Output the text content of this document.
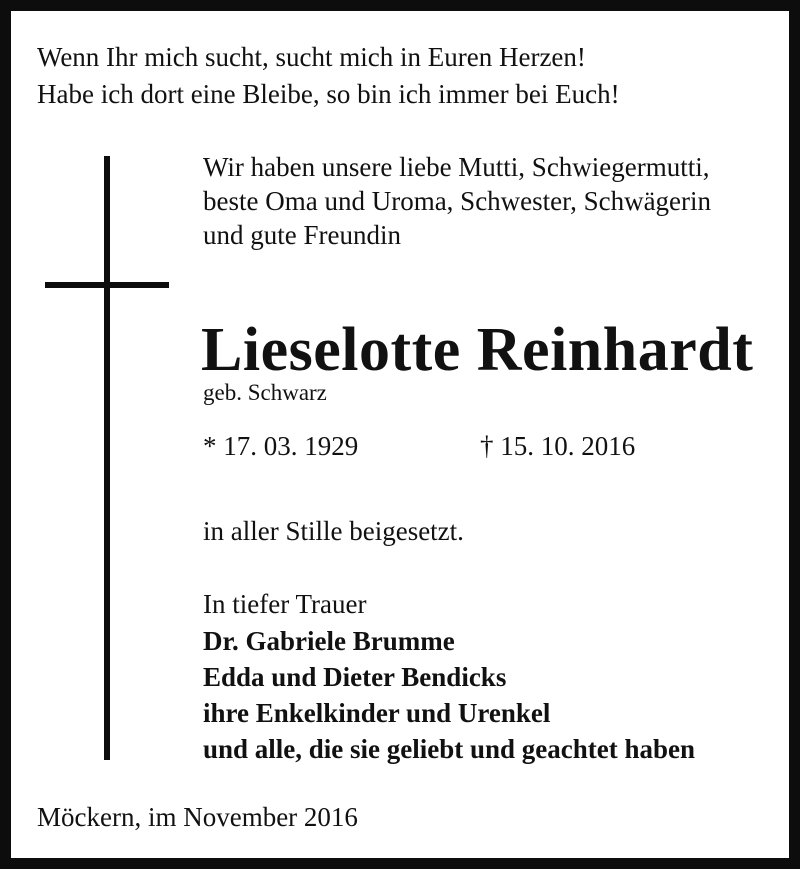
Wenn Ihr mich sucht, sucht mich in Euren Herzen!

Habe ich dort eine Bleibe, so bin ich immer bei Euch!

Wir haben unsere liebe Mutti, Schwiegermutti,

beste Oma und Uroma, Schwester, Schwägerin

und gute Freundin

Lieselotte Reinhardt

geb. Schwarz

* 17. 03. 1929	† 15. 10. 2016

in aller Stille beigesetzt.

In tiefer Trauer

Dr. Gabriele Brumme

Edda und Dieter Bendicks

ihre Enkelkinder und Urenkel

und alle, die sie geliebt und geachtet haben

Möckern, im November 2016
